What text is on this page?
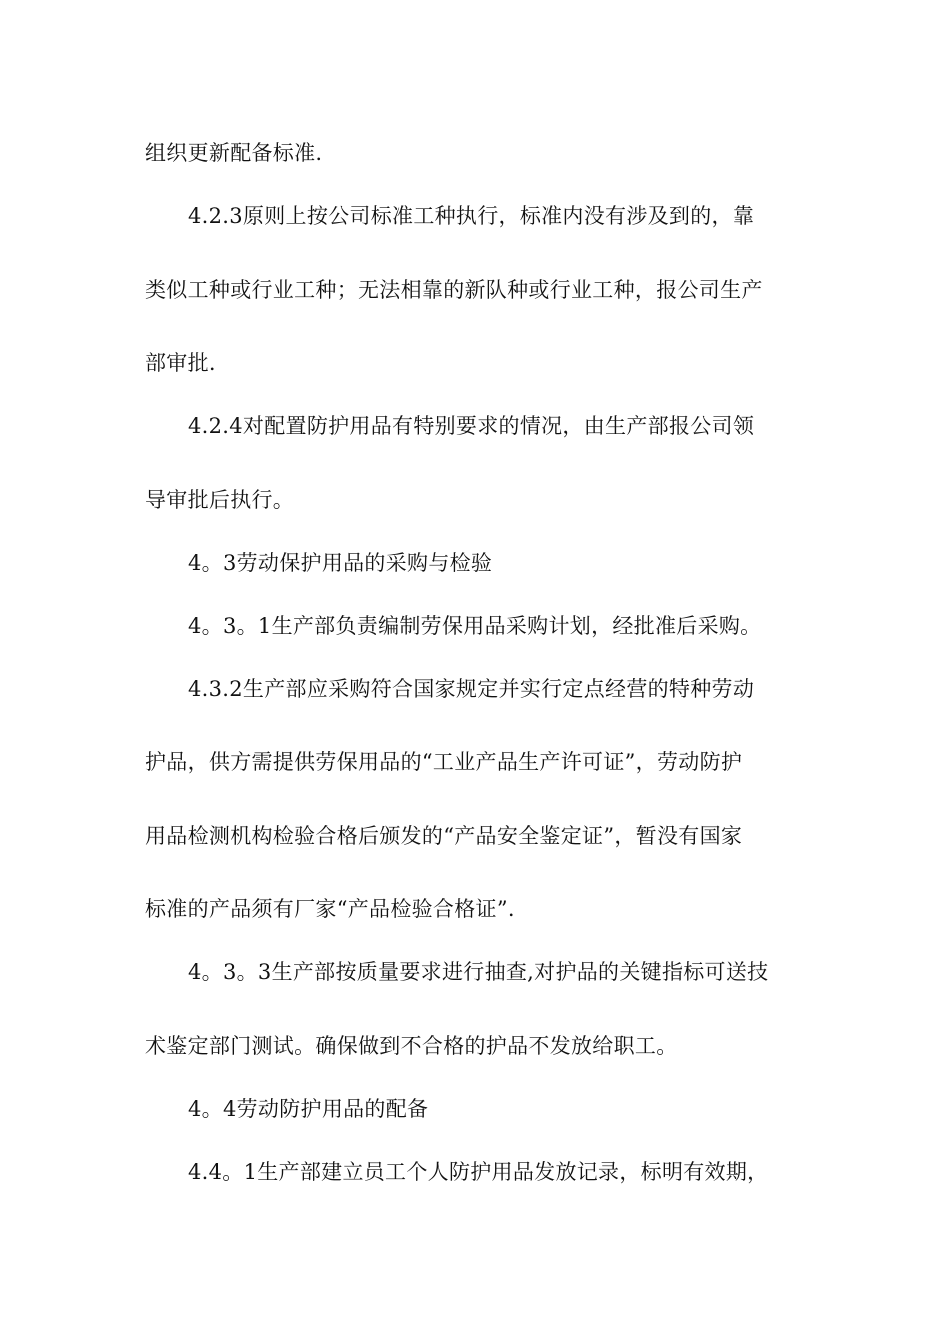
组织更新配备标准.
4.2.3原则上按公司标准工种执行，标准内没有涉及到的，靠
类似工种或行业工种；无法相靠的新队种或行业工种，报公司生产
部审批.
4.2.4对配置防护用品有特别要求的情况，由生产部报公司领
导审批后执行。
4。3劳动保护用品的采购与检验
4。3。1生产部负责编制劳保用品采购计划，经批准后采购。
4.3.2生产部应采购符合国家规定并实行定点经营的特种劳动
护品，供方需提供劳保用品的“工业产品生产许可证”，劳动防护
用品检测机构检验合格后颁发的“产品安全鉴定证”，暂没有国家
标准的产品须有厂家“产品检验合格证”.
4。3。3生产部按质量要求进行抽查,对护品的关键指标可送技
术鉴定部门测试。确保做到不合格的护品不发放给职工。
4。4劳动防护用品的配备
4.4。1生产部建立员工个人防护用品发放记录，标明有效期，
